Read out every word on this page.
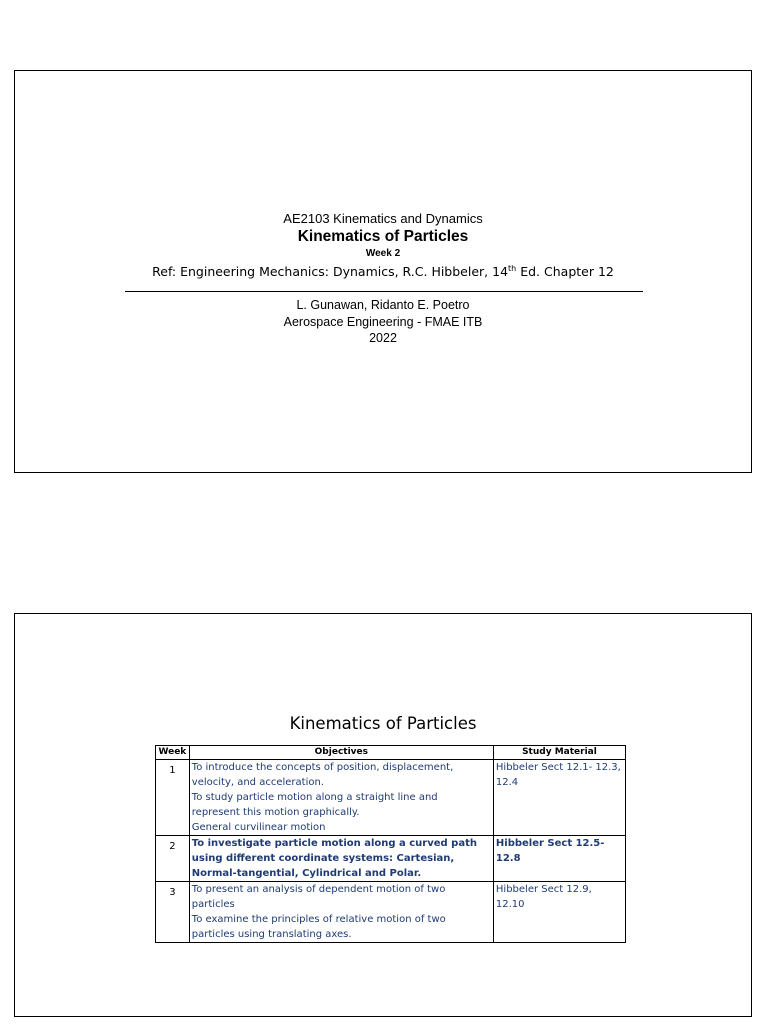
AE2103 Kinematics and Dynamics
Kinematics of Particles
Week 2
Ref: Engineering Mechanics: Dynamics, R.C. Hibbeler, 14th Ed. Chapter 12
L. Gunawan, Ridanto E. Poetro
Aerospace Engineering - FMAE ITB
2022
Kinematics of Particles
Week	Objectives	Study Material
1	To introduce the concepts of position, displacement,
velocity, and acceleration.
To study particle motion along a straight line and
represent this motion graphically.
General curvilinear motion	Hibbeler Sect 12.1- 12.3,
12.4

2	To investigate particle motion along a curved path
using different coordinate systems: Cartesian,
Normal-tangential, Cylindrical and Polar.	Hibbeler Sect 12.5-
12.8

3	To present an analysis of dependent motion of two
particles
To examine the principles of relative motion of two
particles using translating axes.	Hibbeler Sect 12.9,
12.10
